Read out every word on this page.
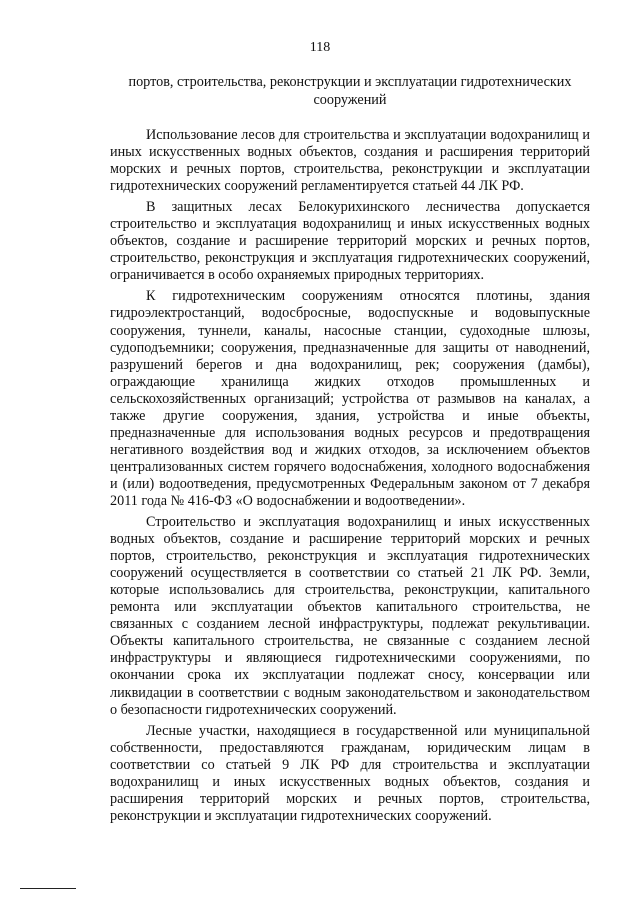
118
портов, строительства, реконструкции и эксплуатации гидротехнических сооружений

Использование лесов для строительства и эксплуатации водохранилищ и иных искусственных водных объектов, создания и расширения территорий морских и речных портов, строительства, реконструкции и эксплуатации гидротехнических сооружений регламентируется статьей 44 ЛК РФ.

В защитных лесах Белокурихинского лесничества допускается строительство и эксплуатация водохранилищ и иных искусственных водных объектов, создание и расширение территорий морских и речных портов, строительство, реконструкция и эксплуатация гидротехнических сооружений, ограничивается в особо охраняемых природных территориях.

К гидротехническим сооружениям относятся плотины, здания гидроэлектростанций, водосбросные, водоспускные и водовыпускные сооружения, туннели, каналы, насосные станции, судоходные шлюзы, судоподъемники; сооружения, предназначенные для защиты от наводнений, разрушений берегов и дна водохранилищ, рек; сооружения (дамбы), ограждающие хранилища жидких отходов промышленных и сельскохозяйственных организаций; устройства от размывов на каналах, а также другие сооружения, здания, устройства и иные объекты, предназначенные для использования водных ресурсов и предотвращения негативного воздействия вод и жидких отходов, за исключением объектов централизованных систем горячего водоснабжения, холодного водоснабжения и (или) водоотведения, предусмотренных Федеральным законом от 7 декабря 2011 года № 416-ФЗ «О водоснабжении и водоотведении».

Строительство и эксплуатация водохранилищ и иных искусственных водных объектов, создание и расширение территорий морских и речных портов, строительство, реконструкция и эксплуатация гидротехнических сооружений осуществляется в соответствии со статьей 21 ЛК РФ. Земли, которые использовались для строительства, реконструкции, капитального ремонта или эксплуатации объектов капитального строительства, не связанных с созданием лесной инфраструктуры, подлежат рекультивации. Объекты капитального строительства, не связанные с созданием лесной инфраструктуры и являющиеся гидротехническими сооружениями, по окончании срока их эксплуатации подлежат сносу, консервации или ликвидации в соответствии с водным законодательством и законодательством о безопасности гидротехнических сооружений.

Лесные участки, находящиеся в государственной или муниципальной собственности, предоставляются гражданам, юридическим лицам в соответствии со статьей 9 ЛК РФ для строительства и эксплуатации водохранилищ и иных искусственных водных объектов, создания и расширения территорий морских и речных портов, строительства, реконструкции и эксплуатации гидротехнических сооружений.
